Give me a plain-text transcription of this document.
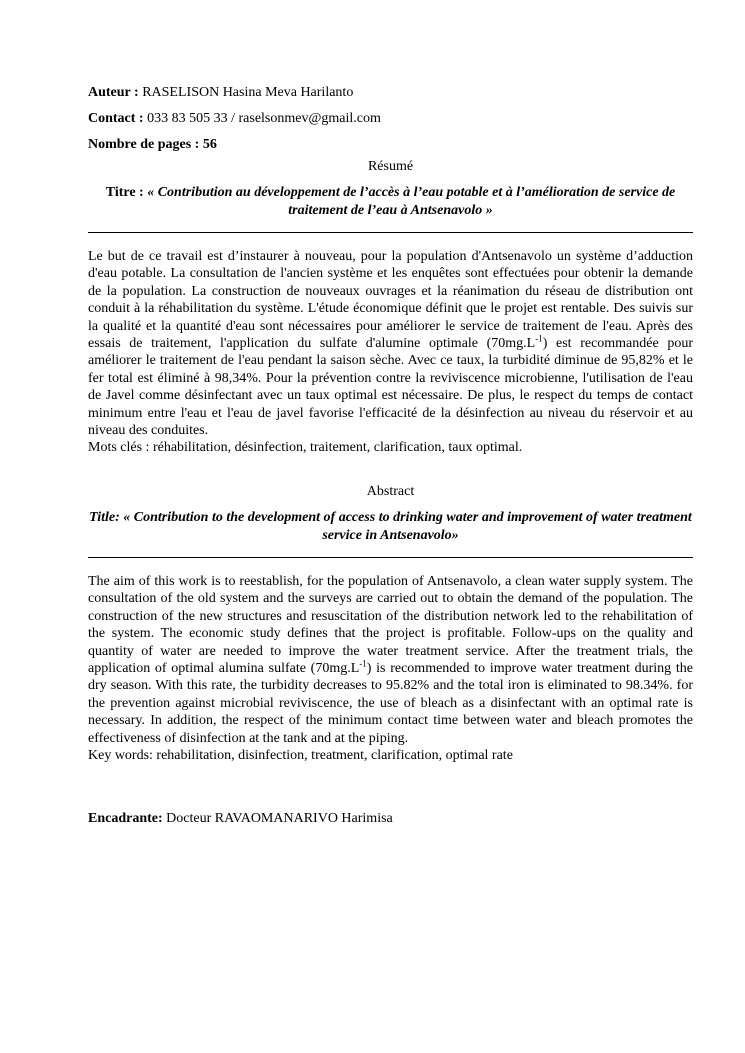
Auteur : RASELISON Hasina Meva Harilanto

Contact : 033 83 505 33 / raselsonmev@gmail.com

Nombre de pages : 56

Résumé
Titre : « Contribution au développement de l’accès à l’eau potable et à l’amélioration de service de traitement de l’eau à Antsenavolo »

Le but de ce travail est d’instaurer à nouveau, pour la population d'Antsenavolo un système d’adduction d'eau potable. La consultation de l'ancien système et les enquêtes sont effectuées pour obtenir la demande de la population. La construction de nouveaux ouvrages et la réanimation du réseau de distribution ont conduit à la réhabilitation du système. L'étude économique définit que le projet est rentable. Des suivis sur la qualité et la quantité d'eau sont nécessaires pour améliorer le service de traitement de l'eau. Après des essais de traitement, l'application du sulfate d'alumine optimale $(70mg.L^{-1})$ est recommandée pour améliorer le traitement de l'eau pendant la saison sèche. Avec ce taux, la turbidité diminue de 95,82% et le fer total est éliminé à 98,34%. Pour la prévention contre la reviviscence microbienne, l'utilisation de l'eau de Javel comme désinfectant avec un taux optimal est nécessaire. De plus, le respect du temps de contact minimum entre l'eau et l'eau de javel favorise l'efficacité de la désinfection au niveau du réservoir et au niveau des conduites.

Mots clés : réhabilitation, désinfection, traitement, clarification, taux optimal.

Abstract
Title: « Contribution to the development of access to drinking water and improvement of water treatment service in Antsenavolo»

The aim of this work is to reestablish, for the population of Antsenavolo, a clean water supply system. The consultation of the old system and the surveys are carried out to obtain the demand of the population. The construction of the new structures and resuscitation of the distribution network led to the rehabilitation of the system. The economic study defines that the project is profitable. Follow-ups on the quality and quantity of water are needed to improve the water treatment service. After the treatment trials, the application of optimal alumina sulfate $(70mg.L^{-1})$ is recommended to improve water treatment during the dry season. With this rate, the turbidity decreases to 95.82% and the total iron is eliminated to 98.34%. for the prevention against microbial reviviscence, the use of bleach as a disinfectant with an optimal rate is necessary. In addition, the respect of the minimum contact time between water and bleach promotes the effectiveness of disinfection at the tank and at the piping.

Key words: rehabilitation, disinfection, treatment, clarification, optimal rate

Encadrante: Docteur RAVAOMANARIVO Harimisa
